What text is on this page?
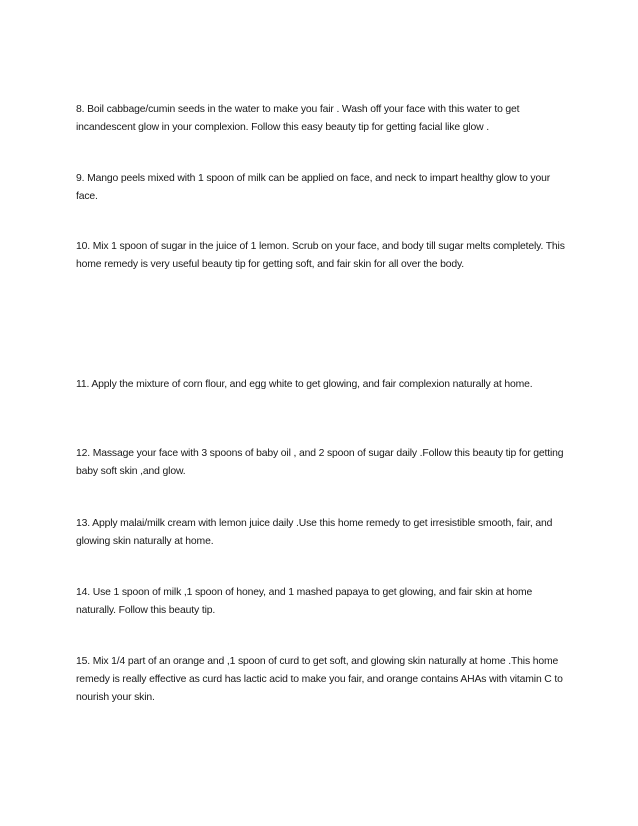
8. Boil cabbage/cumin seeds in the water to make you fair . Wash off your face with this water to get incandescent glow in your complexion. Follow this easy beauty tip for getting facial like glow .

9. Mango peels mixed with 1 spoon of milk can be applied on face, and neck to impart healthy glow to your face.

10. Mix 1 spoon of sugar in the juice of 1 lemon. Scrub on your face, and body till sugar melts completely. This home remedy is very useful beauty tip for getting soft, and fair skin for all over the body.

11. Apply the mixture of corn flour, and egg white to get glowing, and fair complexion naturally at home.

12. Massage your face with 3 spoons of baby oil , and 2 spoon of sugar daily .Follow this beauty tip for getting baby soft skin ,and glow.

13. Apply malai/milk cream with lemon juice daily .Use this home remedy to get irresistible smooth, fair, and glowing skin naturally at home.

14. Use 1 spoon of milk ,1 spoon of honey, and 1 mashed papaya to get glowing, and fair skin at home naturally. Follow this beauty tip.

15. Mix 1/4 part of an orange and ,1 spoon of curd to get soft, and glowing skin naturally at home .This home remedy is really effective as curd has lactic acid to make you fair, and orange contains AHAs with vitamin C to nourish your skin.
